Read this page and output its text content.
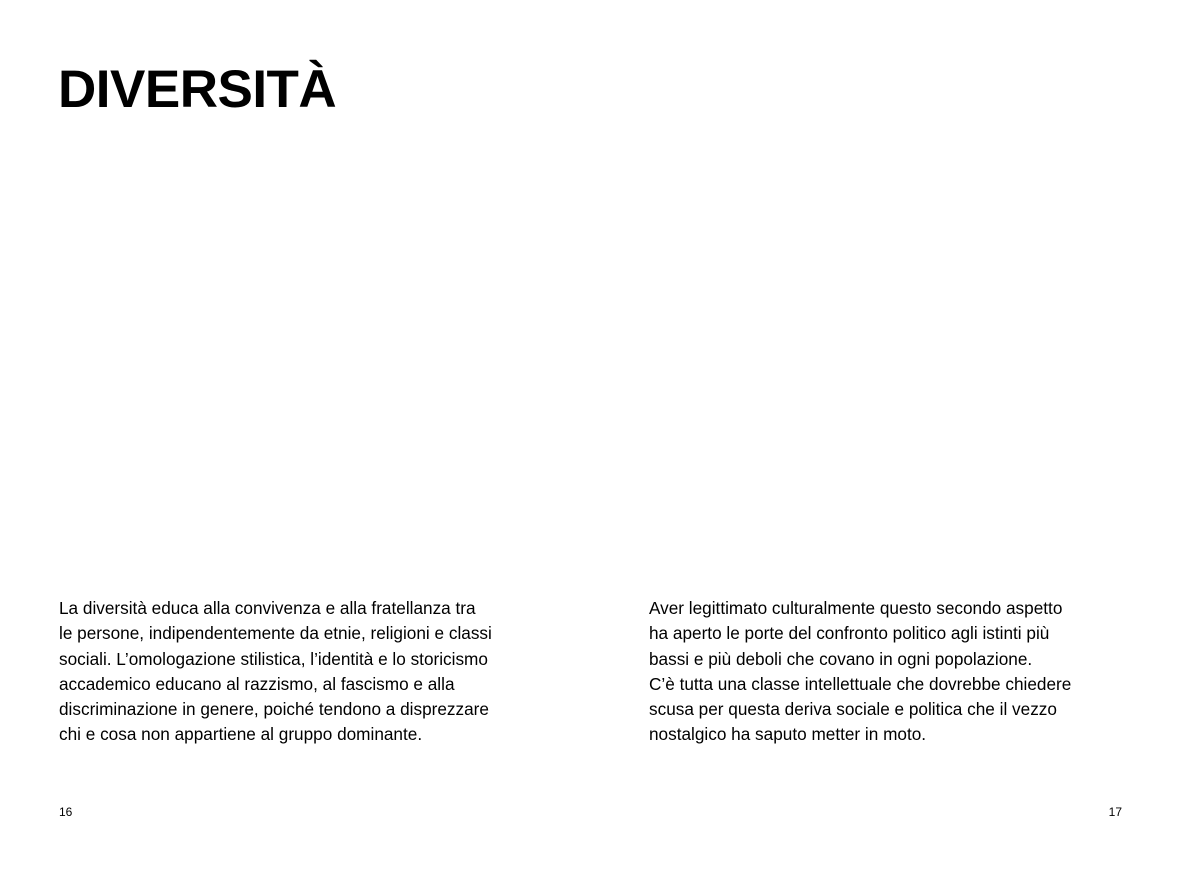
DIVERSITÀ

La diversità educa alla convivenza e alla fratellanza tra
le persone, indipendentemente da etnie, religioni e classi
sociali. L’omologazione stilistica, l’identità e lo storicismo
accademico educano al razzismo, al fascismo e alla
discriminazione in genere, poiché tendono a disprezzare
chi e cosa non appartiene al gruppo dominante.

Aver legittimato culturalmente questo secondo aspetto
ha aperto le porte del confronto politico agli istinti più
bassi e più deboli che covano in ogni popolazione.
C’è tutta una classe intellettuale che dovrebbe chiedere
scusa per questa deriva sociale e politica che il vezzo
nostalgico ha saputo metter in moto.

16	17
